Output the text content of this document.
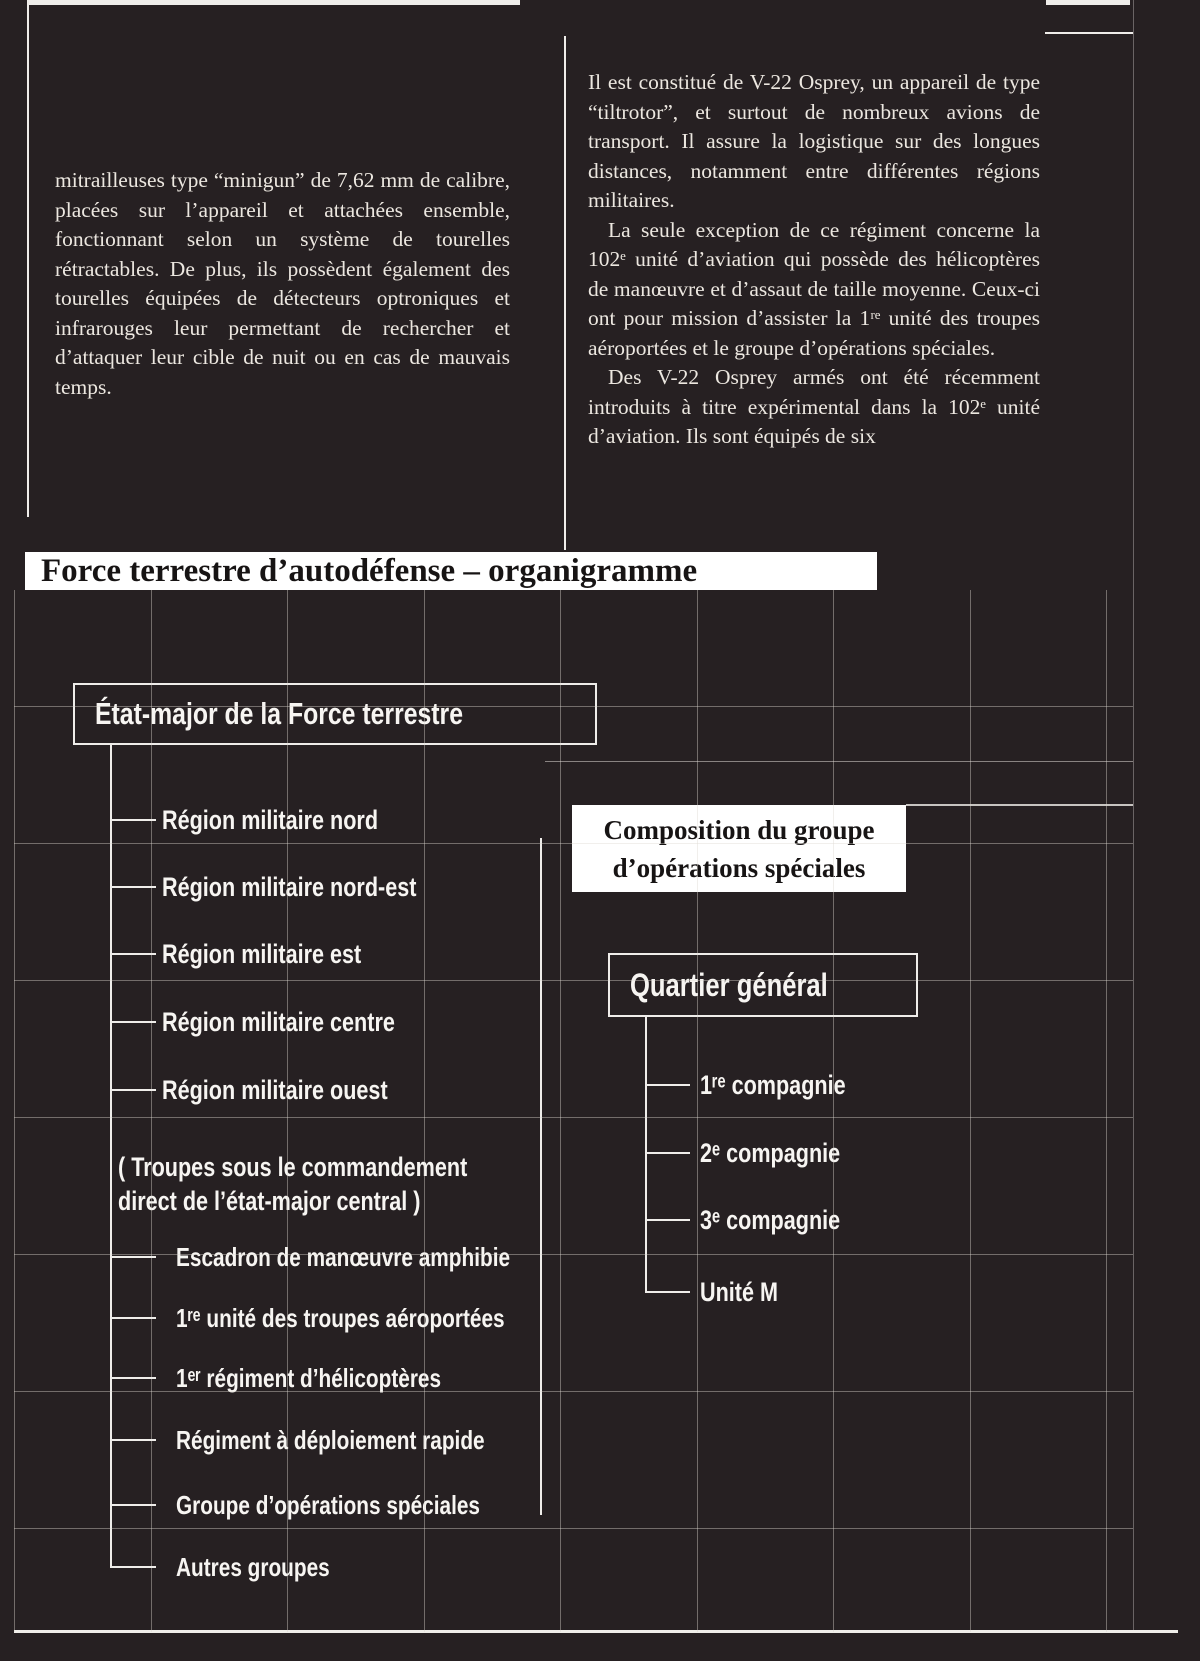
mitrailleuses type “minigun” de 7,62 mm de calibre, placées sur l’appareil et attachées ensemble, fonctionnant selon un système de tourelles rétractables. De plus, ils possèdent également des tourelles équipées de détecteurs optroniques et infrarouges leur permettant de rechercher et d’attaquer leur cible de nuit ou en cas de mauvais temps.

Il est constitué de V-22 Osprey, un appareil de type “tiltrotor”, et surtout de nombreux avions de transport. Il assure la logistique sur des longues distances, notamment entre différentes régions militaires.

La seule exception de ce régiment concerne la 102ᵉ unité d’aviation qui possède des hélicoptères de manœuvre et d’assaut de taille moyenne. Ceux-ci ont pour mission d’assister la 1ʳᵉ unité des troupes aéroportées et le groupe d’opérations spéciales.

Des V-22 Osprey armés ont été récemment introduits à titre expérimental dans la 102ᵉ unité d’aviation. Ils sont équipés de six

Force terrestre d’autodéfense – organigramme
État-major de la Force terrestre
Région militaire nord
Région militaire nord-est
Région militaire est
Région militaire centre
Région militaire ouest
( Troupes sous le commandement
direct de l’état-major central )
Escadron de manœuvre amphibie
1ʳᵉ unité des troupes aéroportées
1ᵉʳ régiment d’hélicoptères
Régiment à déploiement rapide
Groupe d’opérations spéciales
Autres groupes
Composition du groupe
d’opérations spéciales
Quartier général
1ʳᵉ compagnie
2ᵉ compagnie
3ᵉ compagnie
Unité M
